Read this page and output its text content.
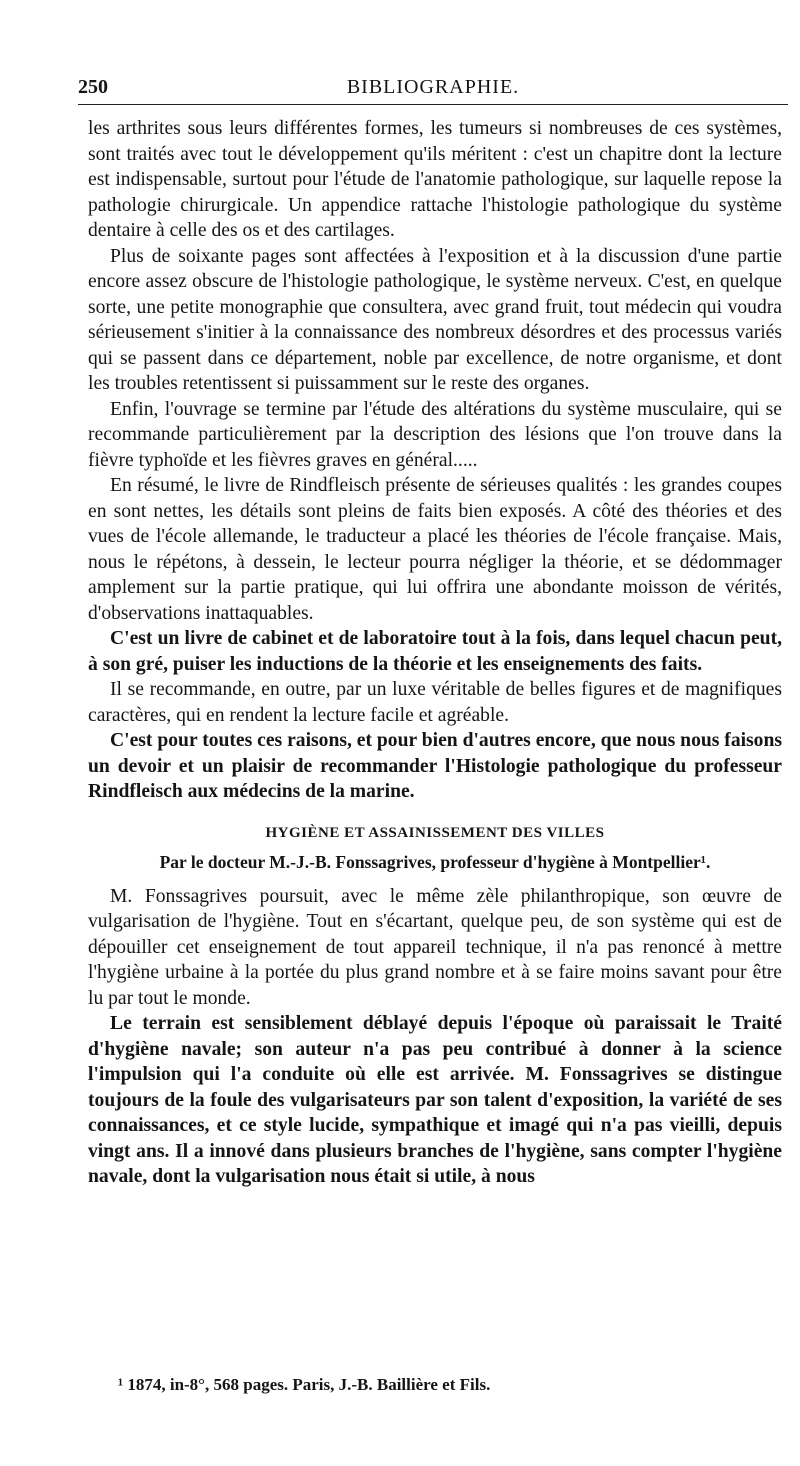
250	BIBLIOGRAPHIE.

les arthrites sous leurs différentes formes, les tumeurs si nombreuses de ces systèmes, sont traités avec tout le développement qu'ils méritent : c'est un chapitre dont la lecture est indispensable, surtout pour l'étude de l'anatomie pathologique, sur laquelle repose la pathologie chirurgicale. Un appendice rattache l'histologie pathologique du système dentaire à celle des os et des cartilages.

Plus de soixante pages sont affectées à l'exposition et à la discussion d'une partie encore assez obscure de l'histologie pathologique, le système nerveux. C'est, en quelque sorte, une petite monographie que consultera, avec grand fruit, tout médecin qui voudra sérieusement s'initier à la connaissance des nombreux désordres et des processus variés qui se passent dans ce département, noble par excellence, de notre organisme, et dont les troubles retentissent si puissamment sur le reste des organes.

Enfin, l'ouvrage se termine par l'étude des altérations du système musculaire, qui se recommande particulièrement par la description des lésions que l'on trouve dans la fièvre typhoïde et les fièvres graves en général.....

En résumé, le livre de Rindfleisch présente de sérieuses qualités : les grandes coupes en sont nettes, les détails sont pleins de faits bien exposés. A côté des théories et des vues de l'école allemande, le traducteur a placé les théories de l'école française. Mais, nous le répétons, à dessein, le lecteur pourra négliger la théorie, et se dédommager amplement sur la partie pratique, qui lui offrira une abondante moisson de vérités, d'observations inattaquables.

C'est un livre de cabinet et de laboratoire tout à la fois, dans lequel chacun peut, à son gré, puiser les inductions de la théorie et les enseignements des faits.

Il se recommande, en outre, par un luxe véritable de belles figures et de magnifiques caractères, qui en rendent la lecture facile et agréable.

C'est pour toutes ces raisons, et pour bien d'autres encore, que nous nous faisons un devoir et un plaisir de recommander l'Histologie pathologique du professeur Rindfleisch aux médecins de la marine.

HYGIÈNE ET ASSAINISSEMENT DES VILLES
Par le docteur M.-J.-B. Fonssagrives, professeur d'hygiène à Montpellier¹.

M. Fonssagrives poursuit, avec le même zèle philanthropique, son œuvre de vulgarisation de l'hygiène. Tout en s'écartant, quelque peu, de son système qui est de dépouiller cet enseignement de tout appareil technique, il n'a pas renoncé à mettre l'hygiène urbaine à la portée du plus grand nombre et à se faire moins savant pour être lu par tout le monde.

Le terrain est sensiblement déblayé depuis l'époque où paraissait le Traité d'hygiène navale; son auteur n'a pas peu contribué à donner à la science l'impulsion qui l'a conduite où elle est arrivée. M. Fonssagrives se distingue toujours de la foule des vulgarisateurs par son talent d'exposition, la variété de ses connaissances, et ce style lucide, sympathique et imagé qui n'a pas vieilli, depuis vingt ans. Il a innové dans plusieurs branches de l'hygiène, sans compter l'hygiène navale, dont la vulgarisation nous était si utile, à nous

¹ 1874, in-8°, 568 pages. Paris, J.-B. Baillière et Fils.
